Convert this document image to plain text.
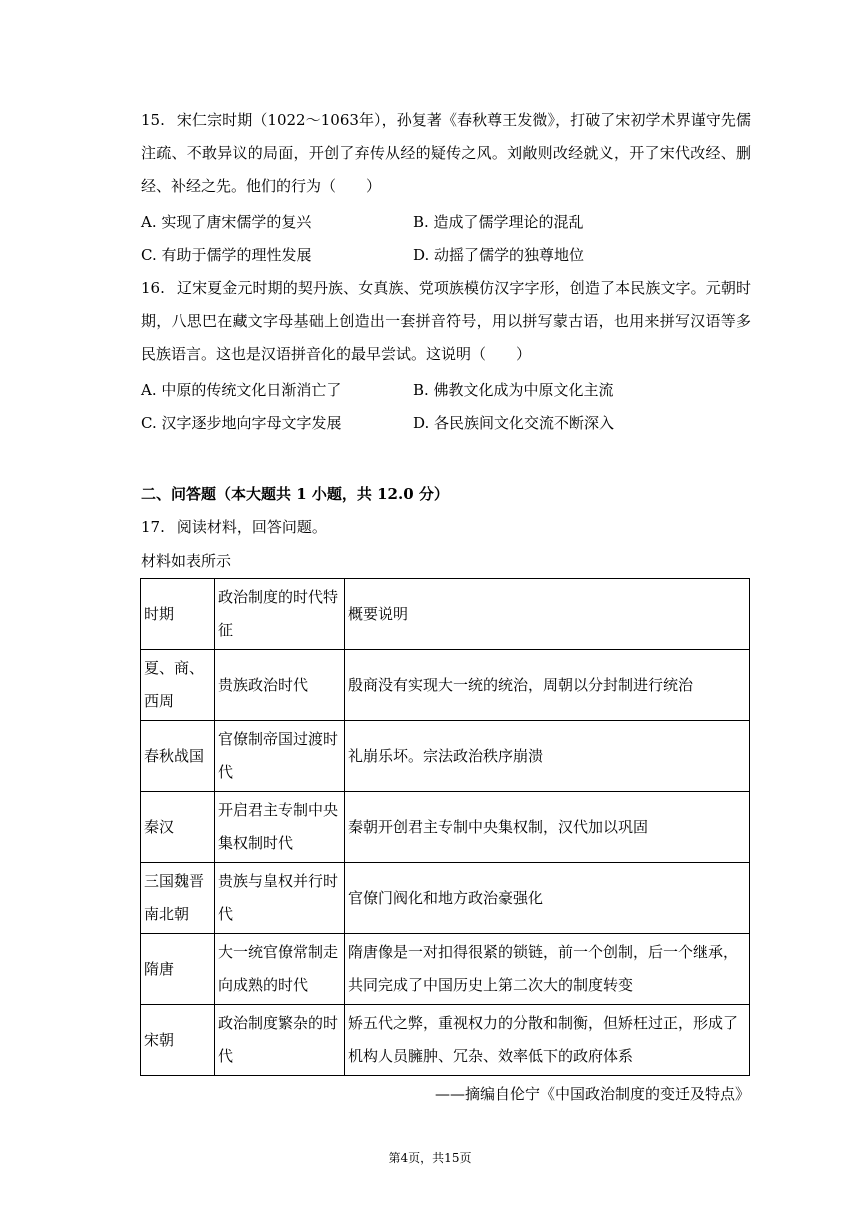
15. 宋仁宗时期（1022～1063年），孙复著《春秋尊王发微》，打破了宋初学术界谨守先儒注疏、不敢异议的局面，开创了弃传从经的疑传之风。刘敞则改经就义，开了宋代改经、删经、补经之先。他们的行为（　　）
A. 实现了唐宋儒学的复兴	B. 造成了儒学理论的混乱
C. 有助于儒学的理性发展	D. 动摇了儒学的独尊地位
16. 辽宋夏金元时期的契丹族、女真族、党项族模仿汉字字形，创造了本民族文字。元朝时期，八思巴在藏文字母基础上创造出一套拼音符号，用以拼写蒙古语，也用来拼写汉语等多民族语言。这也是汉语拼音化的最早尝试。这说明（　　）
A. 中原的传统文化日渐消亡了	B. 佛教文化成为中原文化主流
C. 汉字逐步地向字母文字发展	D. 各民族间文化交流不断深入
二、问答题（本大题共 1 小题，共 12.0 分）
17. 阅读材料，回答问题。
材料如表所示
时期	政治制度的时代特征	概要说明
夏、商、西周	贵族政治时代	殷商没有实现大一统的统治，周朝以分封制进行统治
春秋战国	官僚制帝国过渡时代	礼崩乐坏。宗法政治秩序崩溃
秦汉	开启君主专制中央集权制时代	秦朝开创君主专制中央集权制，汉代加以巩固
三国魏晋南北朝	贵族与皇权并行时代	官僚门阀化和地方政治豪强化
隋唐	大一统官僚常制走向成熟的时代	隋唐像是一对扣得很紧的锁链，前一个创制，后一个继承，共同完成了中国历史上第二次大的制度转变
宋朝	政治制度繁杂的时代	矫五代之弊，重视权力的分散和制衡，但矫枉过正，形成了机构人员臃肿、冗杂、效率低下的政府体系
——摘编自伦宁《中国政治制度的变迁及特点》
第4页，共15页
